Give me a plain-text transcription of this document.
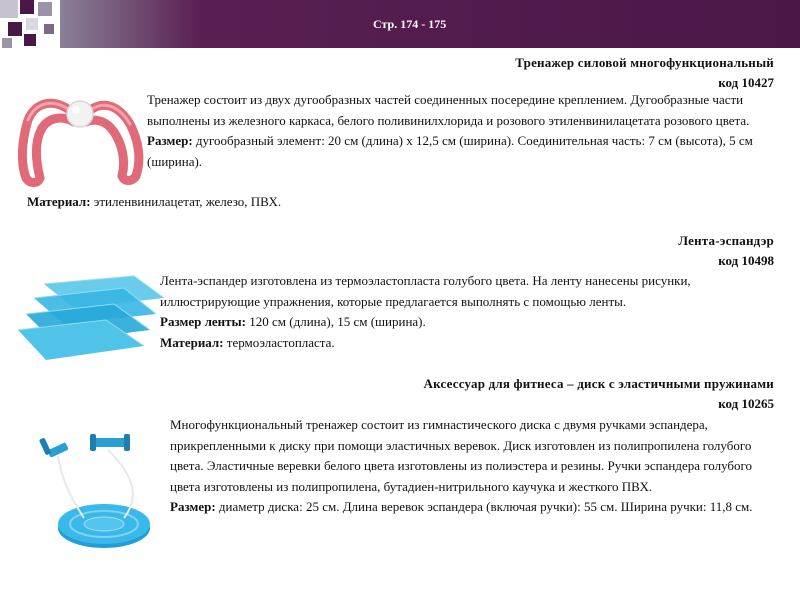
Стр. 174 - 175
Тренажер силовой многофункциональный
код 10427
Тренажер состоит из двух дугообразных частей соединенных посередине креплением. Дугообразные части выполнены из железного каркаса, белого поливинилхлорида и розового этиленвинилацетата розового цвета.
Размер: дугообразный элемент: 20 см (длина) х 12,5 см (ширина). Соединительная часть: 7 см (высота), 5 см (ширина).
Материал: этиленвинилацетат, железо, ПВХ.
Лента-эспандэр
код 10498
Лента-эспандер изготовлена из термоэластопласта голубого цвета. На ленту нанесены рисунки, иллюстрирующие упражнения, которые предлагается выполнять с помощью ленты.
Размер ленты: 120 см (длина), 15 см (ширина).
Материал: термоэластопласта.
Аксессуар для фитнеса – диск с эластичными пружинами
код 10265
Многофункциональный тренажер состоит из гимнастического диска с двумя ручками эспандера, прикрепленными к диску при помощи эластичных веревок. Диск изготовлен из полипропилена голубого цвета. Эластичные веревки белого цвета изготовлены из полиэстера и резины. Ручки эспандера голубого цвета изготовлены из полипропилена, бутадиен-нитрильного каучука и жесткого ПВХ.
Размер: диаметр диска: 25 см. Длина веревок эспандера (включая ручки): 55 см. Ширина ручки: 11,8 см.
